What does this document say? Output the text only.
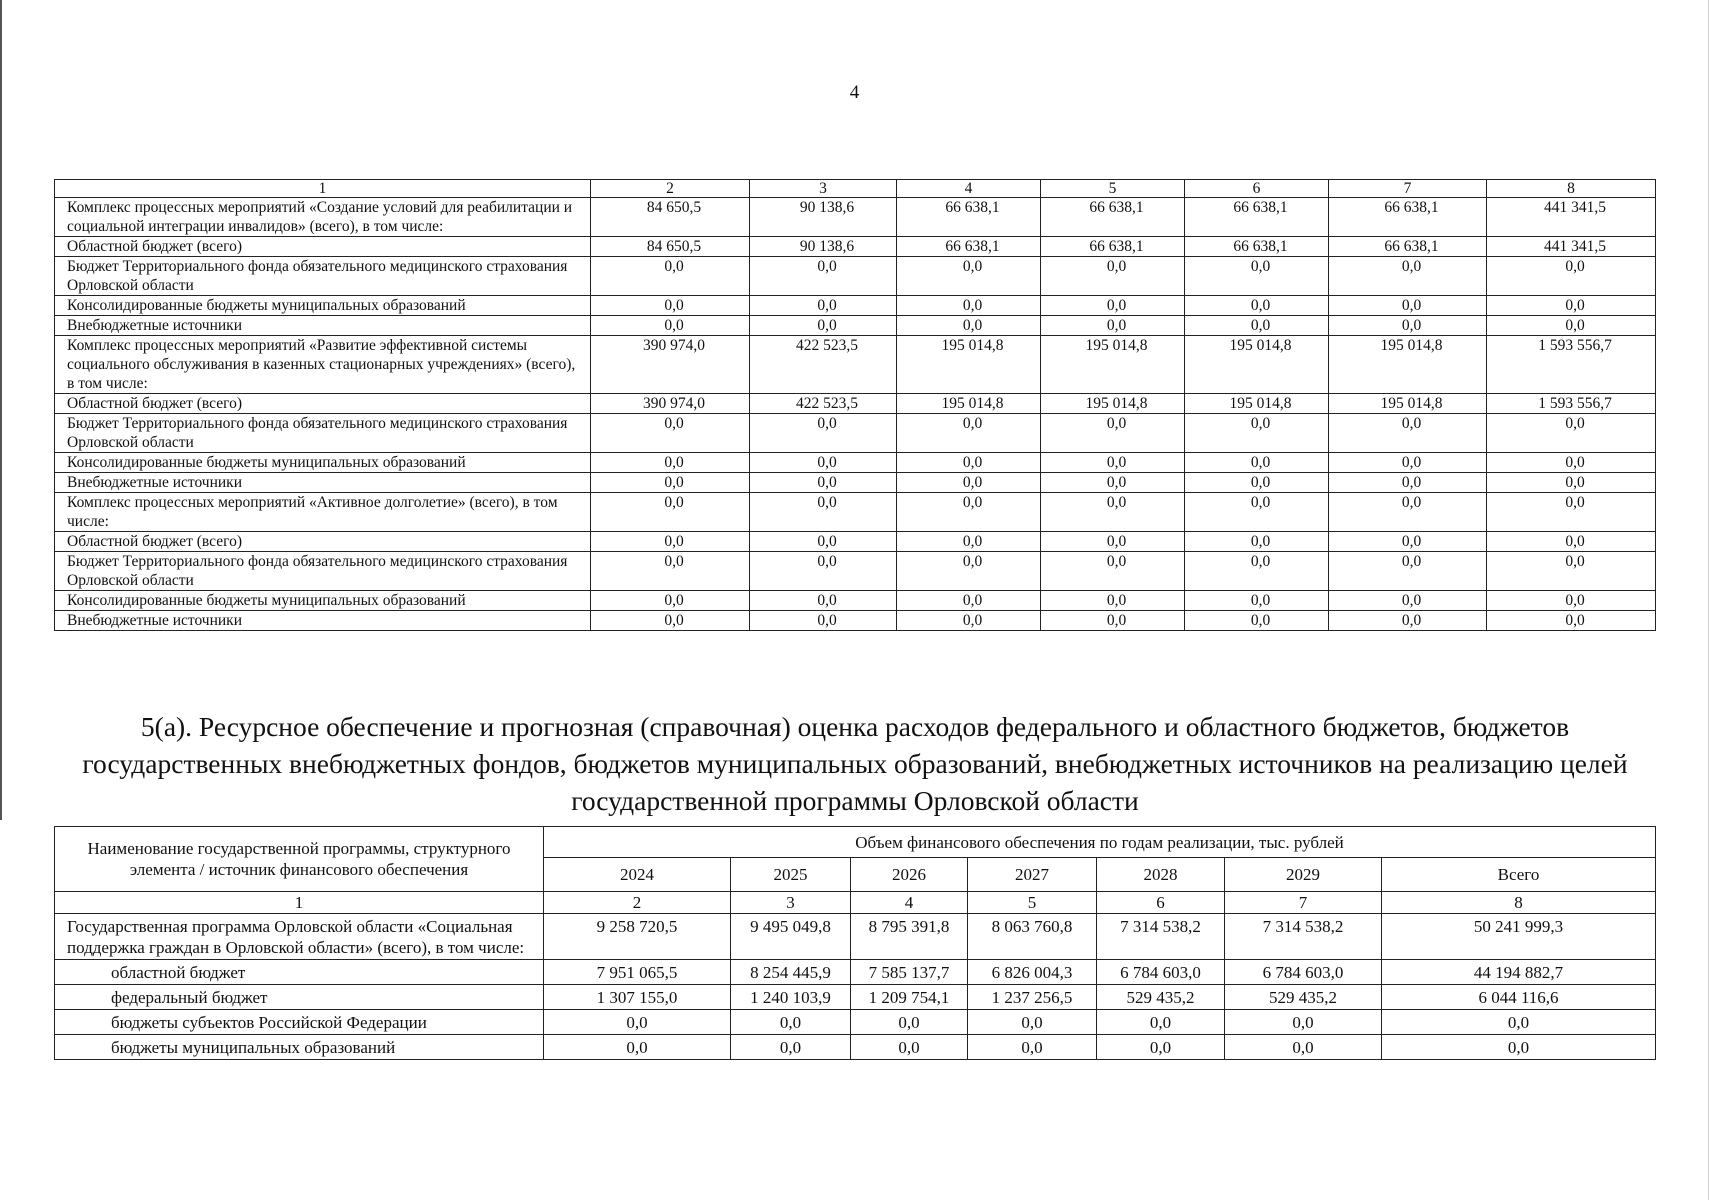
4
1	2	3	4	5	6	7	8
Комплекс процессных мероприятий «Создание условий для реабилитации и социальной интеграции инвалидов» (всего), в том числе:	84 650,5	90 138,6	66 638,1	66 638,1	66 638,1	66 638,1	441 341,5
Областной бюджет (всего)	84 650,5	90 138,6	66 638,1	66 638,1	66 638,1	66 638,1	441 341,5
Бюджет Территориального фонда обязательного медицинского страхования Орловской области	0,0	0,0	0,0	0,0	0,0	0,0	0,0
Консолидированные бюджеты муниципальных образований	0,0	0,0	0,0	0,0	0,0	0,0	0,0
Внебюджетные источники	0,0	0,0	0,0	0,0	0,0	0,0	0,0
Комплекс процессных мероприятий «Развитие эффективной системы социального обслуживания в казенных стационарных учреждениях» (всего), в том числе:	390 974,0	422 523,5	195 014,8	195 014,8	195 014,8	195 014,8	1 593 556,7
Областной бюджет (всего)	390 974,0	422 523,5	195 014,8	195 014,8	195 014,8	195 014,8	1 593 556,7
Бюджет Территориального фонда обязательного медицинского страхования Орловской области	0,0	0,0	0,0	0,0	0,0	0,0	0,0
Консолидированные бюджеты муниципальных образований	0,0	0,0	0,0	0,0	0,0	0,0	0,0
Внебюджетные источники	0,0	0,0	0,0	0,0	0,0	0,0	0,0
Комплекс процессных мероприятий «Активное долголетие» (всего), в том числе:	0,0	0,0	0,0	0,0	0,0	0,0	0,0
Областной бюджет (всего)	0,0	0,0	0,0	0,0	0,0	0,0	0,0
Бюджет Территориального фонда обязательного медицинского страхования Орловской области	0,0	0,0	0,0	0,0	0,0	0,0	0,0
Консолидированные бюджеты муниципальных образований	0,0	0,0	0,0	0,0	0,0	0,0	0,0
Внебюджетные источники	0,0	0,0	0,0	0,0	0,0	0,0	0,0
5(а). Ресурсное обеспечение и прогнозная (справочная) оценка расходов федерального и областного бюджетов, бюджетов государственных внебюджетных фондов, бюджетов муниципальных образований, внебюджетных источников на реализацию целей государственной программы Орловской области
Наименование государственной программы, структурного элемента / источник финансового обеспечения	Объем финансового обеспечения по годам реализации, тыс. рублей						
	2024	2025	2026	2027	2028	2029	Всего
1	2	3	4	5	6	7	8
Государственная программа Орловской области «Социальная поддержка граждан в Орловской области» (всего), в том числе:	9 258 720,5	9 495 049,8	8 795 391,8	8 063 760,8	7 314 538,2	7 314 538,2	50 241 999,3
областной бюджет	7 951 065,5	8 254 445,9	7 585 137,7	6 826 004,3	6 784 603,0	6 784 603,0	44 194 882,7
федеральный бюджет	1 307 155,0	1 240 103,9	1 209 754,1	1 237 256,5	529 435,2	529 435,2	6 044 116,6
бюджеты субъектов Российской Федерации	0,0	0,0	0,0	0,0	0,0	0,0	0,0
бюджеты муниципальных образований	0,0	0,0	0,0	0,0	0,0	0,0	0,0
